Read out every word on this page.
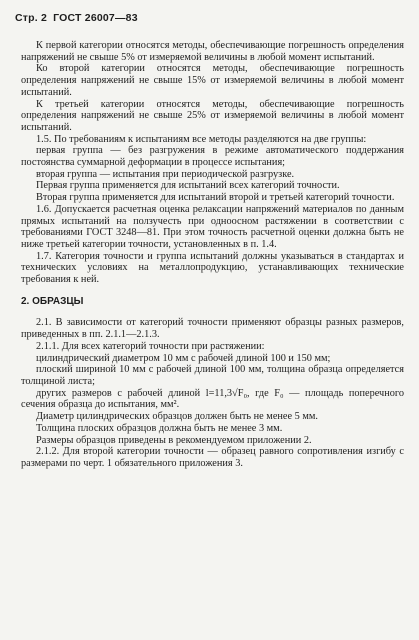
Стр. 2 ГОСТ 26007—83

К первой категории относятся методы, обеспечивающие погрешность определения напряжений не свыше 5% от измеряемой величины в любой момент испытаний.

Ко второй категории относятся методы, обеспечивающие погрешность определения напряжений не свыше 15% от измеряемой величины в любой момент испытаний.

К третьей категории относятся методы, обеспечивающие погрешность определения напряжений не свыше 25% от измеряемой величины в любой момент испытаний.

1.5. По требованиям к испытаниям все методы разделяются на две группы:

первая группа — без разгружения в режиме автоматического поддержания постоянства суммарной деформации в процессе испытания;

вторая группа — испытания при периодической разгрузке.

Первая группа применяется для испытаний всех категорий точности.

Вторая группа применяется для испытаний второй и третьей категорий точности.

1.6. Допускается расчетная оценка релаксации напряжений материалов по данным прямых испытаний на ползучесть при одноосном растяжении в соответствии с требованиями ГОСТ 3248—81. При этом точность расчетной оценки должна быть не ниже третьей категории точности, установленных в п. 1.4.

1.7. Категория точности и группа испытаний должны указываться в стандартах и технических условиях на металлопродукцию, устанавливающих технические требования к ней.

2. ОБРАЗЦЫ

2.1. В зависимости от категорий точности применяют образцы разных размеров, приведенных в пп. 2.1.1—2.1.3.

2.1.1. Для всех категорий точности при растяжении:

цилиндрический диаметром 10 мм с рабочей длиной 100 и 150 мм;

плоский шириной 10 мм с рабочей длиной 100 мм, толщина образца определяется толщиной листа;

других размеров с рабочей длиной l=11,3√F₀, где F₀ — площадь поперечного сечения образца до испытания, мм².

Диаметр цилиндрических образцов должен быть не менее 5 мм.

Толщина плоских образцов должна быть не менее 3 мм.

Размеры образцов приведены в рекомендуемом приложении 2.

2.1.2. Для второй категории точности — образец равного сопротивления изгибу с размерами по черт. 1 обязательного приложения 3.
